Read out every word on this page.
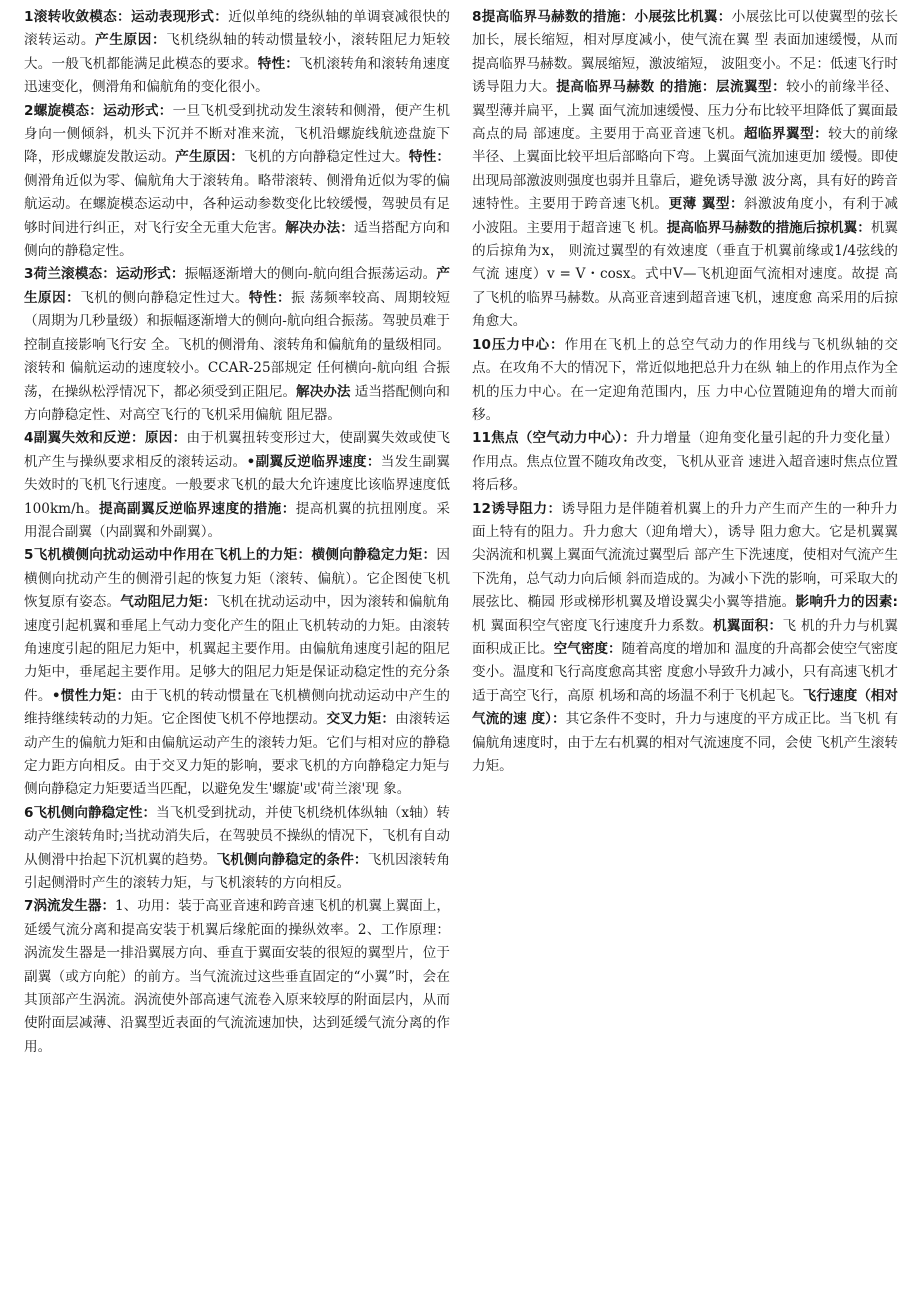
1滚转收敛模态：运动表现形式：近似单纯的绕纵轴的单调衰减很快的滚转运动。产生原因：飞机绕纵轴的转动惯量较小，滚转阻尼力矩较大。一般飞机都能满足此模态的要求。特性：飞机滚转角和滚转角速度迅速变化，侧滑角和偏航角的变化很小。

2螺旋模态：运动形式：一旦飞机受到扰动发生滚转和侧滑，便产生机身向一侧倾斜，机头下沉并不断对准来流，飞机沿螺旋线航迹盘旋下降，形成螺旋发散运动。产生原因：飞机的方向静稳定性过大。特性：侧滑角近似为零、偏航角大于滚转角。略带滚转、侧滑角近似为零的偏航运动。在螺旋模态运动中，各种运动参数变化比较缓慢，驾驶员有足够时间进行纠正，对飞行安全无重大危害。解决办法：适当搭配方向和侧向的静稳定性。

3荷兰滚模态：运动形式：振幅逐渐增大的侧向-航向组合振荡运动。产生原因：飞机的侧向静稳定性过大。特性：振 荡频率较高、周期较短（周期为几秒量级）和振幅逐渐增大的侧向-航向组合振荡。驾驶员难于控制直接影响飞行安 全。飞机的侧滑角、滚转角和偏航角的量级相同。滚转和 偏航运动的速度较小。CCAR-25部规定 任何横向-航向组 合振荡，在操纵松浮情况下，都必须受到正阻尼。解决办法 适当搭配侧向和方向静稳定性、对高空飞行的飞机采用偏航 阻尼器。

4副翼失效和反逆：原因：由于机翼扭转变形过大，使副翼失效或使飞机产生与操纵要求相反的滚转运动。•副翼反逆临界速度：当发生副翼失效时的飞机飞行速度。一般要求飞机的最大允许速度比该临界速度低100km/h。提高副翼反逆临界速度的措施：提高机翼的抗扭刚度。采用混合副翼（内副翼和外副翼）。

5飞机横侧向扰动运动中作用在飞机上的力矩：横侧向静稳定力矩：因横侧向扰动产生的侧滑引起的恢复力矩（滚转、偏航）。它企图使飞机恢复原有姿态。气动阻尼力矩：飞机在扰动运动中，因为滚转和偏航角速度引起机翼和垂尾上气动力变化产生的阻止飞机转动的力矩。由滚转角速度引起的阻尼力矩中，机翼起主要作用。由偏航角速度引起的阻尼力矩中，垂尾起主要作用。足够大的阻尼力矩是保证动稳定性的充分条件。•惯性力矩：由于飞机的转动惯量在飞机横侧向扰动运动中产生的维持继续转动的力矩。它企图使飞机不停地摆动。交叉力矩：由滚转运动产生的偏航力矩和由偏航运动产生的滚转力矩。它们与相对应的静稳定力距方向相反。由于交叉力矩的影响，要求飞机的方向静稳定力矩与侧向静稳定力矩要适当匹配，以避免发生'螺旋'或'荷兰滚'现 象。

6飞机侧向静稳定性：当飞机受到扰动，并使飞机绕机体纵轴（x轴）转动产生滚转角时;当扰动消失后，在驾驶员不操纵的情况下，飞机有自动从侧滑中抬起下沉机翼的趋势。飞机侧向静稳定的条件：飞机因滚转角引起侧滑时产生的滚转力矩，与飞机滚转的方向相反。

7涡流发生器：1、功用：装于高亚音速和跨音速飞机的机翼上翼面上，延缓气流分离和提高安装于机翼后缘舵面的操纵效率。2、工作原理：涡流发生器是一排沿翼展方向、垂直于翼面安装的很短的翼型片，位于副翼（或方向舵）的前方。当气流流过这些垂直固定的“小翼”时，会在其顶部产生涡流。涡流使外部高速气流卷入原来较厚的附面层内，从而使附面层减薄、沿翼型近表面的气流流速加快，达到延缓气流分离的作用。

8提高临界马赫数的措施：小展弦比机翼：小展弦比可以使翼型的弦长加长，展长缩短，相对厚度减小，使气流在翼 型 表面加速缓慢，从而提高临界马赫数。翼展缩短，激波缩短， 波阻变小。不足：低速飞行时诱导阻力大。提高临界马赫数 的措施：层流翼型：较小的前缘半径、翼型薄并扁平，上翼 面气流加速缓慢、压力分布比较平坦降低了翼面最高点的局 部速度。主要用于高亚音速飞机。超临界翼型：较大的前缘 半径、上翼面比较平坦后部略向下弯。上翼面气流加速更加 缓慢。即使出现局部激波则强度也弱并且靠后，避免诱导激 波分离，具有好的跨音速特性。主要用于跨音速飞机。更薄 翼型：斜激波角度小，有利于减小波阻。主要用于超音速飞 机。提高临界马赫数的措施后掠机翼：机翼的后掠角为x， 则流过翼型的有效速度（垂直于机翼前缘或1/4弦线的气流 速度）v = V・cosx。式中V—飞机迎面气流相对速度。故提 高了飞机的临界马赫数。从高亚音速到超音速飞机，速度愈 高采用的后掠角愈大。

10压力中心：作用在飞机上的总空气动力的作用线与飞机纵轴的交点。在攻角不大的情况下，常近似地把总升力在纵 轴上的作用点作为全机的压力中心。在一定迎角范围内，压 力中心位置随迎角的增大而前移。

11焦点（空气动力中心）：升力增量（迎角变化量引起的升力变化量）作用点。焦点位置不随攻角改变，飞机从亚音 速进入超音速时焦点位置将后移。

12诱导阻力：诱导阻力是伴随着机翼上的升力产生而产生的一种升力面上特有的阻力。升力愈大（迎角增大），诱导 阻力愈大。它是机翼翼尖涡流和机翼上翼面气流流过翼型后 部产生下洗速度，使相对气流产生下洗角，总气动力向后倾 斜而造成的。为减小下洗的影响，可采取大的展弦比、椭园 形或梯形机翼及增设翼尖小翼等措施。影响升力的因素:机 翼面积空气密度飞行速度升力系数。机翼面积：飞 机的升力与机翼面积成正比。空气密度：随着高度的增加和 温度的升高都会使空气密度变小。温度和飞行高度愈高其密 度愈小导致升力减小，只有高速飞机才适于高空飞行，高原 机场和高的场温不利于飞机起飞。飞行速度（相对气流的速 度）：其它条件不变时，升力与速度的平方成正比。当飞机 有偏航角速度时，由于左右机翼的相对气流速度不同，会使 飞机产生滚转力矩。
